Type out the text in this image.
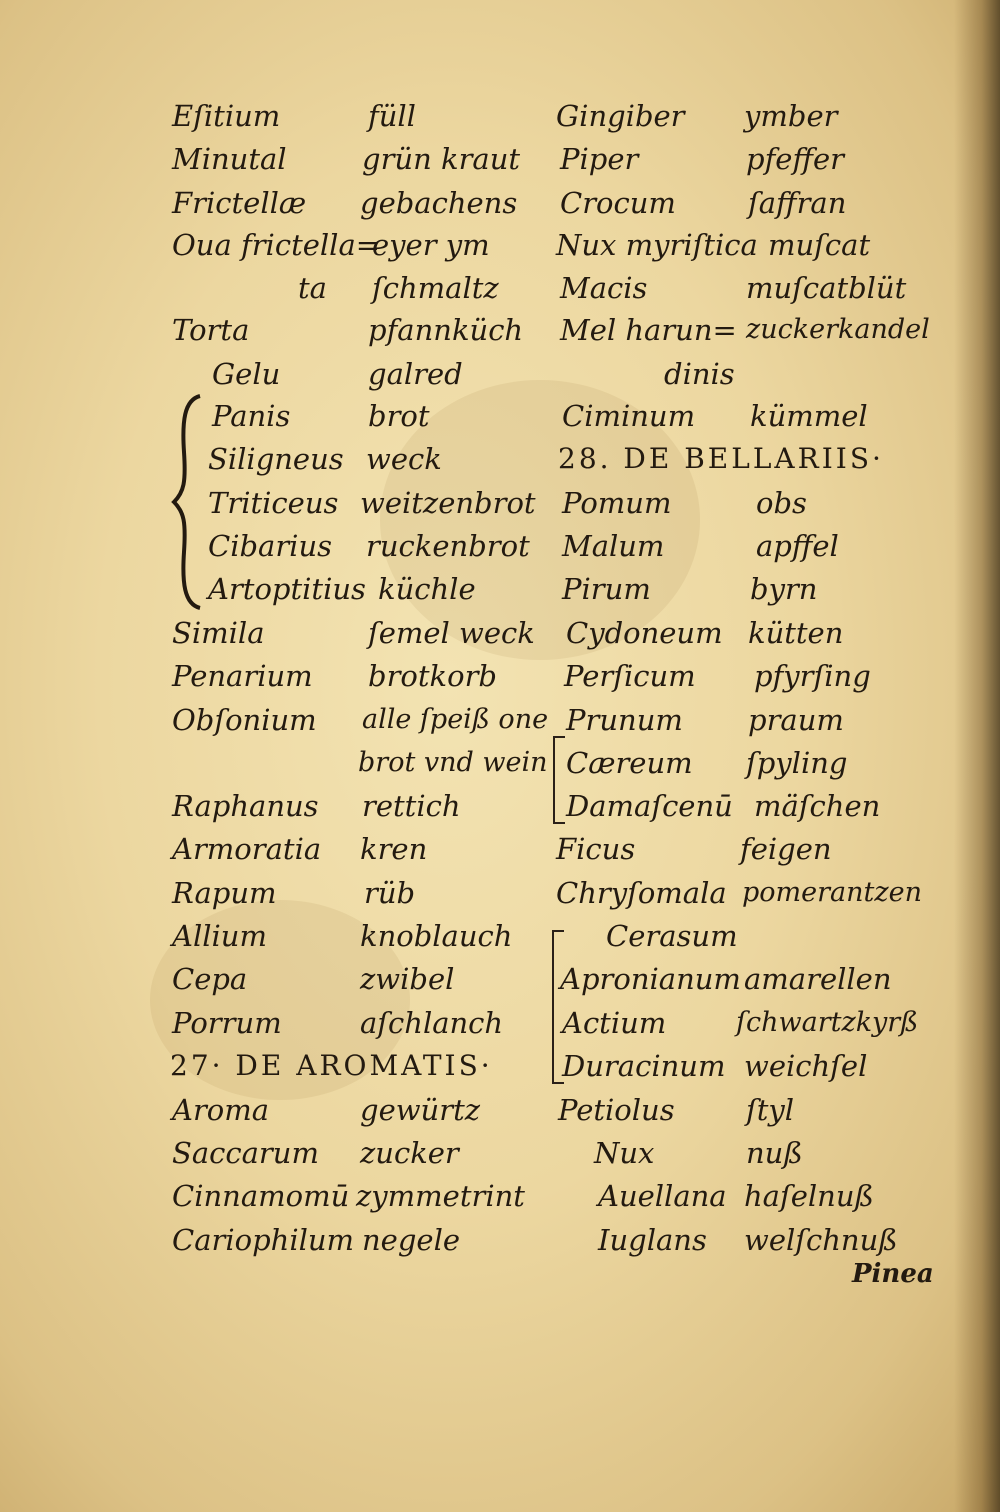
Eſitium	füll
Minutal	grün kraut
Frictellæ gebachens
Oua frictella=
eyer ym
ta ſchmaltz
Torta	pfannküch
Gelu	galred
Panis	brot
Siligneus weck
Triticeus weitzenbrot
Cibarius ruckenbrot
Artoptitius küchle
Simila	ſemel weck
Penarium brotkorb
Obſonium alle ſpeiß one
brot vnd wein
Raphanus rettich
Armoratia kren
Rapum	rüb
Allium	knoblauch
Cepa	zwibel
Porrum	aſchlanch
27· DE AROMATIS·
Aroma	gewürtz
Saccarum zucker
Cinnamomū zymmetrint
Cariophilum negele
Gingiber ymber
Piper	pfeffer
Crocum ſaffran
Nux myriſtica muſcat
Macis	muſcatblüt
Mel harun= zuckerkandel
dinis
Ciminum kümmel
28. DE BELLARIIS·
Pomum	obs
Malum	apffel
Pirum	byrn
Cydoneum kütten
Perſicum pfyrſing
Prunum praum
Cæreum ſpyling
Damaſcenū mäſchen
Ficus	feigen
Chryſomala pomerantzen
Cerasum
Apronianum amarellen
Actium	ſchwartzkyrß
Duracinum weichſel
Petiolus ſtyl
Nux	nuß
Auellana haſelnuß
Iuglans welſchnuß
Pinea
